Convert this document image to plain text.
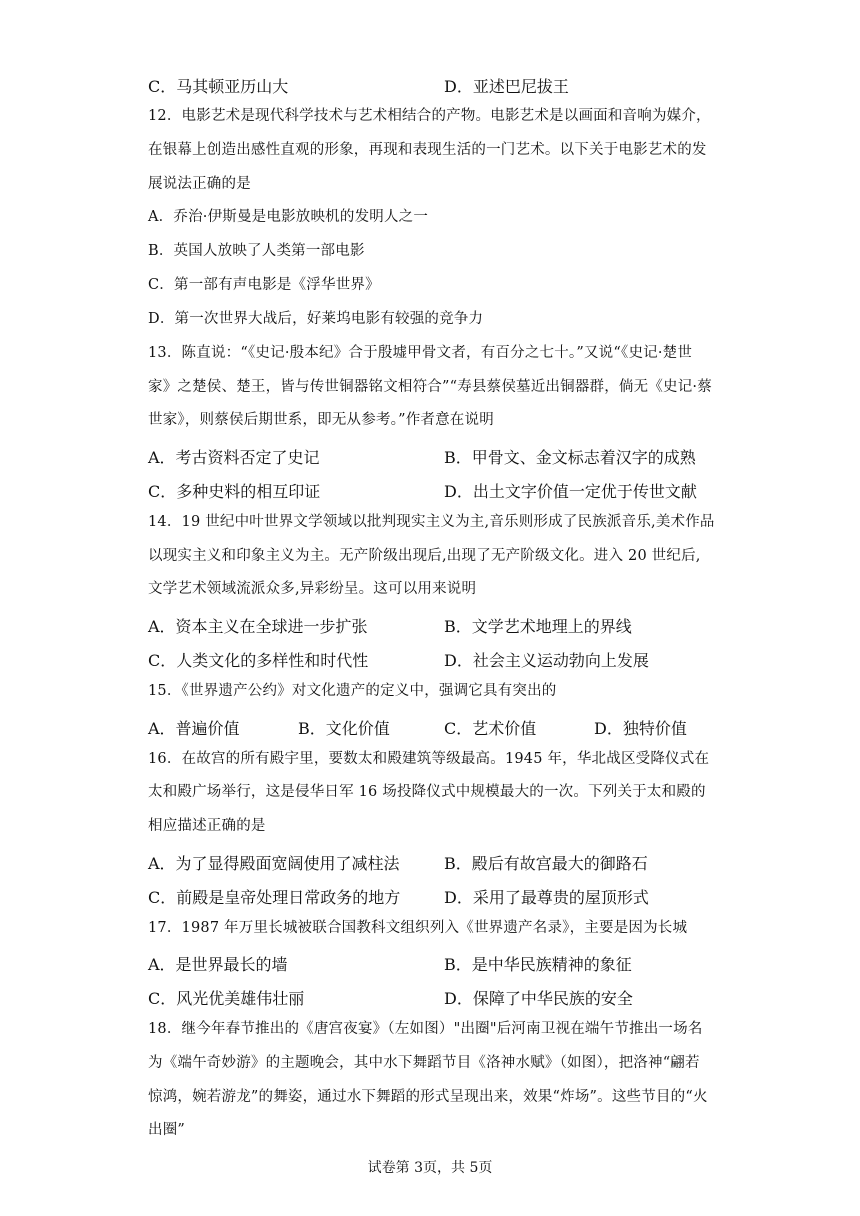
C．马其顿亚历山大	D．亚述巴尼拔王
12．电影艺术是现代科学技术与艺术相结合的产物。电影艺术是以画面和音响为媒介，
在银幕上创造出感性直观的形象，再现和表现生活的一门艺术。以下关于电影艺术的发
展说法正确的是
A．乔治·伊斯曼是电影放映机的发明人之一
B．英国人放映了人类第一部电影
C．第一部有声电影是《浮华世界》
D．第一次世界大战后，好莱坞电影有较强的竞争力
13．陈直说：“《史记·殷本纪》合于殷墟甲骨文者，有百分之七十。”又说“《史记·楚世
家》之楚侯、楚王，皆与传世铜器铭文相符合”“寿县蔡侯墓近出铜器群，倘无《史记·蔡
世家》，则蔡侯后期世系，即无从参考。”作者意在说明
A．考古资料否定了史记	B．甲骨文、金文标志着汉字的成熟
C．多种史料的相互印证	D．出土文字价值一定优于传世文献
14．19 世纪中叶世界文学领域以批判现实主义为主,音乐则形成了民族派音乐,美术作品
以现实主义和印象主义为主。无产阶级出现后,出现了无产阶级文化。进入 20 世纪后,
文学艺术领域流派众多,异彩纷呈。这可以用来说明
A．资本主义在全球进一步扩张	B．文学艺术地理上的界线
C．人类文化的多样性和时代性	D．社会主义运动勃向上发展
15．《世界遗产公约》对文化遗产的定义中，强调它具有突出的
A．普遍价值	B．文化价值	C．艺术价值	D．独特价值
16．在故宫的所有殿宇里，要数太和殿建筑等级最高。1945 年，华北战区受降仪式在
太和殿广场举行，这是侵华日军 16 场投降仪式中规模最大的一次。下列关于太和殿的
相应描述正确的是
A．为了显得殿面宽阔使用了减柱法	B．殿后有故宫最大的御路石
C．前殿是皇帝处理日常政务的地方	D．采用了最尊贵的屋顶形式
17．1987 年万里长城被联合国教科文组织列入《世界遗产名录》，主要是因为长城
A．是世界最长的墙	B．是中华民族精神的象征
C．风光优美雄伟壮丽	D．保障了中华民族的安全
18．继今年春节推出的《唐宫夜宴》（左如图）"出圈"后河南卫视在端午节推出一场名
为《端午奇妙游》的主题晚会，其中水下舞蹈节目《洛神水赋》（如图），把洛神“翩若
惊鸿，婉若游龙”的舞姿，通过水下舞蹈的形式呈现出来，效果“炸场”。这些节目的“火
出圈”
试卷第 3页，共 5页
